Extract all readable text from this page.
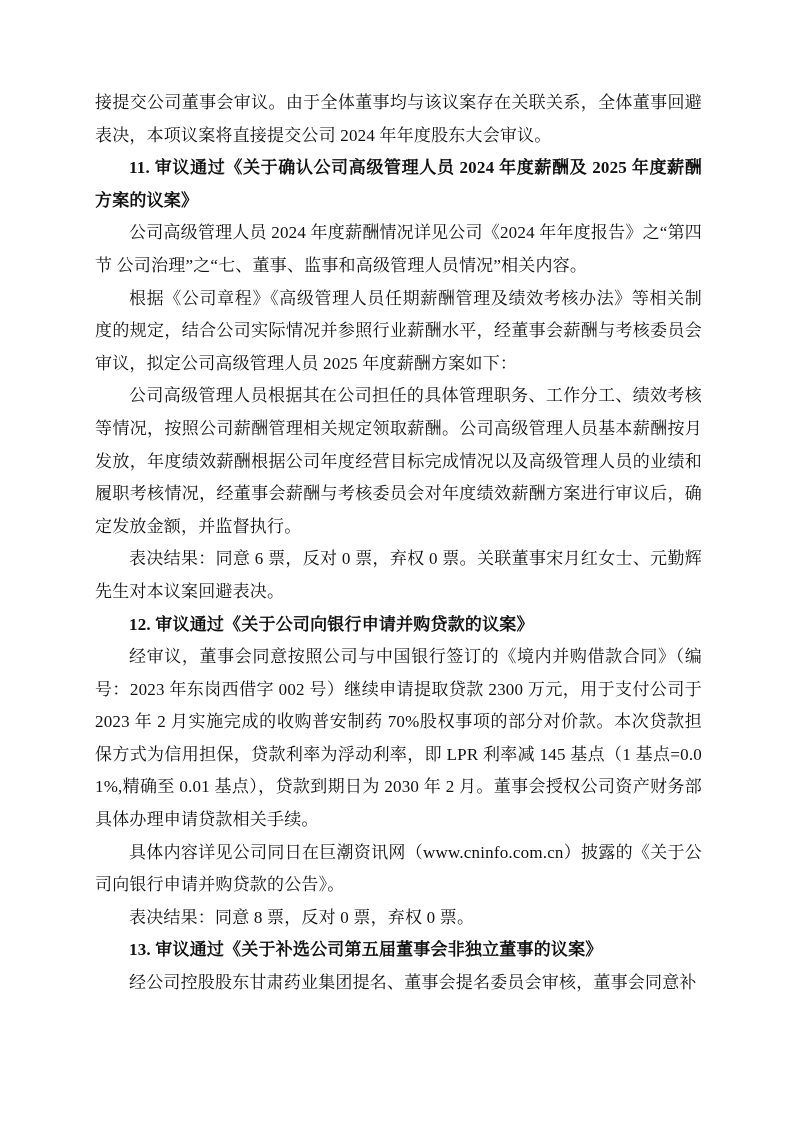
接提交公司董事会审议。由于全体董事均与该议案存在关联关系，全体董事回避表决，本项议案将直接提交公司 2024 年年度股东大会审议。

11. 审议通过《关于确认公司高级管理人员 2024 年度薪酬及 2025 年度薪酬方案的议案》

公司高级管理人员 2024 年度薪酬情况详见公司《2024 年年度报告》之“第四节 公司治理”之“七、董事、监事和高级管理人员情况”相关内容。

根据《公司章程》《高级管理人员任期薪酬管理及绩效考核办法》等相关制度的规定，结合公司实际情况并参照行业薪酬水平，经董事会薪酬与考核委员会审议，拟定公司高级管理人员 2025 年度薪酬方案如下：

公司高级管理人员根据其在公司担任的具体管理职务、工作分工、绩效考核等情况，按照公司薪酬管理相关规定领取薪酬。公司高级管理人员基本薪酬按月发放，年度绩效薪酬根据公司年度经营目标完成情况以及高级管理人员的业绩和履职考核情况，经董事会薪酬与考核委员会对年度绩效薪酬方案进行审议后，确定发放金额，并监督执行。

表决结果：同意 6 票，反对 0 票，弃权 0 票。关联董事宋月红女士、元勤辉先生对本议案回避表决。

12. 审议通过《关于公司向银行申请并购贷款的议案》

经审议，董事会同意按照公司与中国银行签订的《境内并购借款合同》（编号：2023 年东岗西借字 002 号）继续申请提取贷款 2300 万元，用于支付公司于 2023 年 2 月实施完成的收购普安制药 70%股权事项的部分对价款。本次贷款担保方式为信用担保，贷款利率为浮动利率，即 LPR 利率减 145 基点（1 基点=0.01%,精确至 0.01 基点），贷款到期日为 2030 年 2 月。董事会授权公司资产财务部具体办理申请贷款相关手续。

具体内容详见公司同日在巨潮资讯网（www.cninfo.com.cn）披露的《关于公司向银行申请并购贷款的公告》。

表决结果：同意 8 票，反对 0 票，弃权 0 票。

13. 审议通过《关于补选公司第五届董事会非独立董事的议案》

经公司控股股东甘肃药业集团提名、董事会提名委员会审核，董事会同意补
